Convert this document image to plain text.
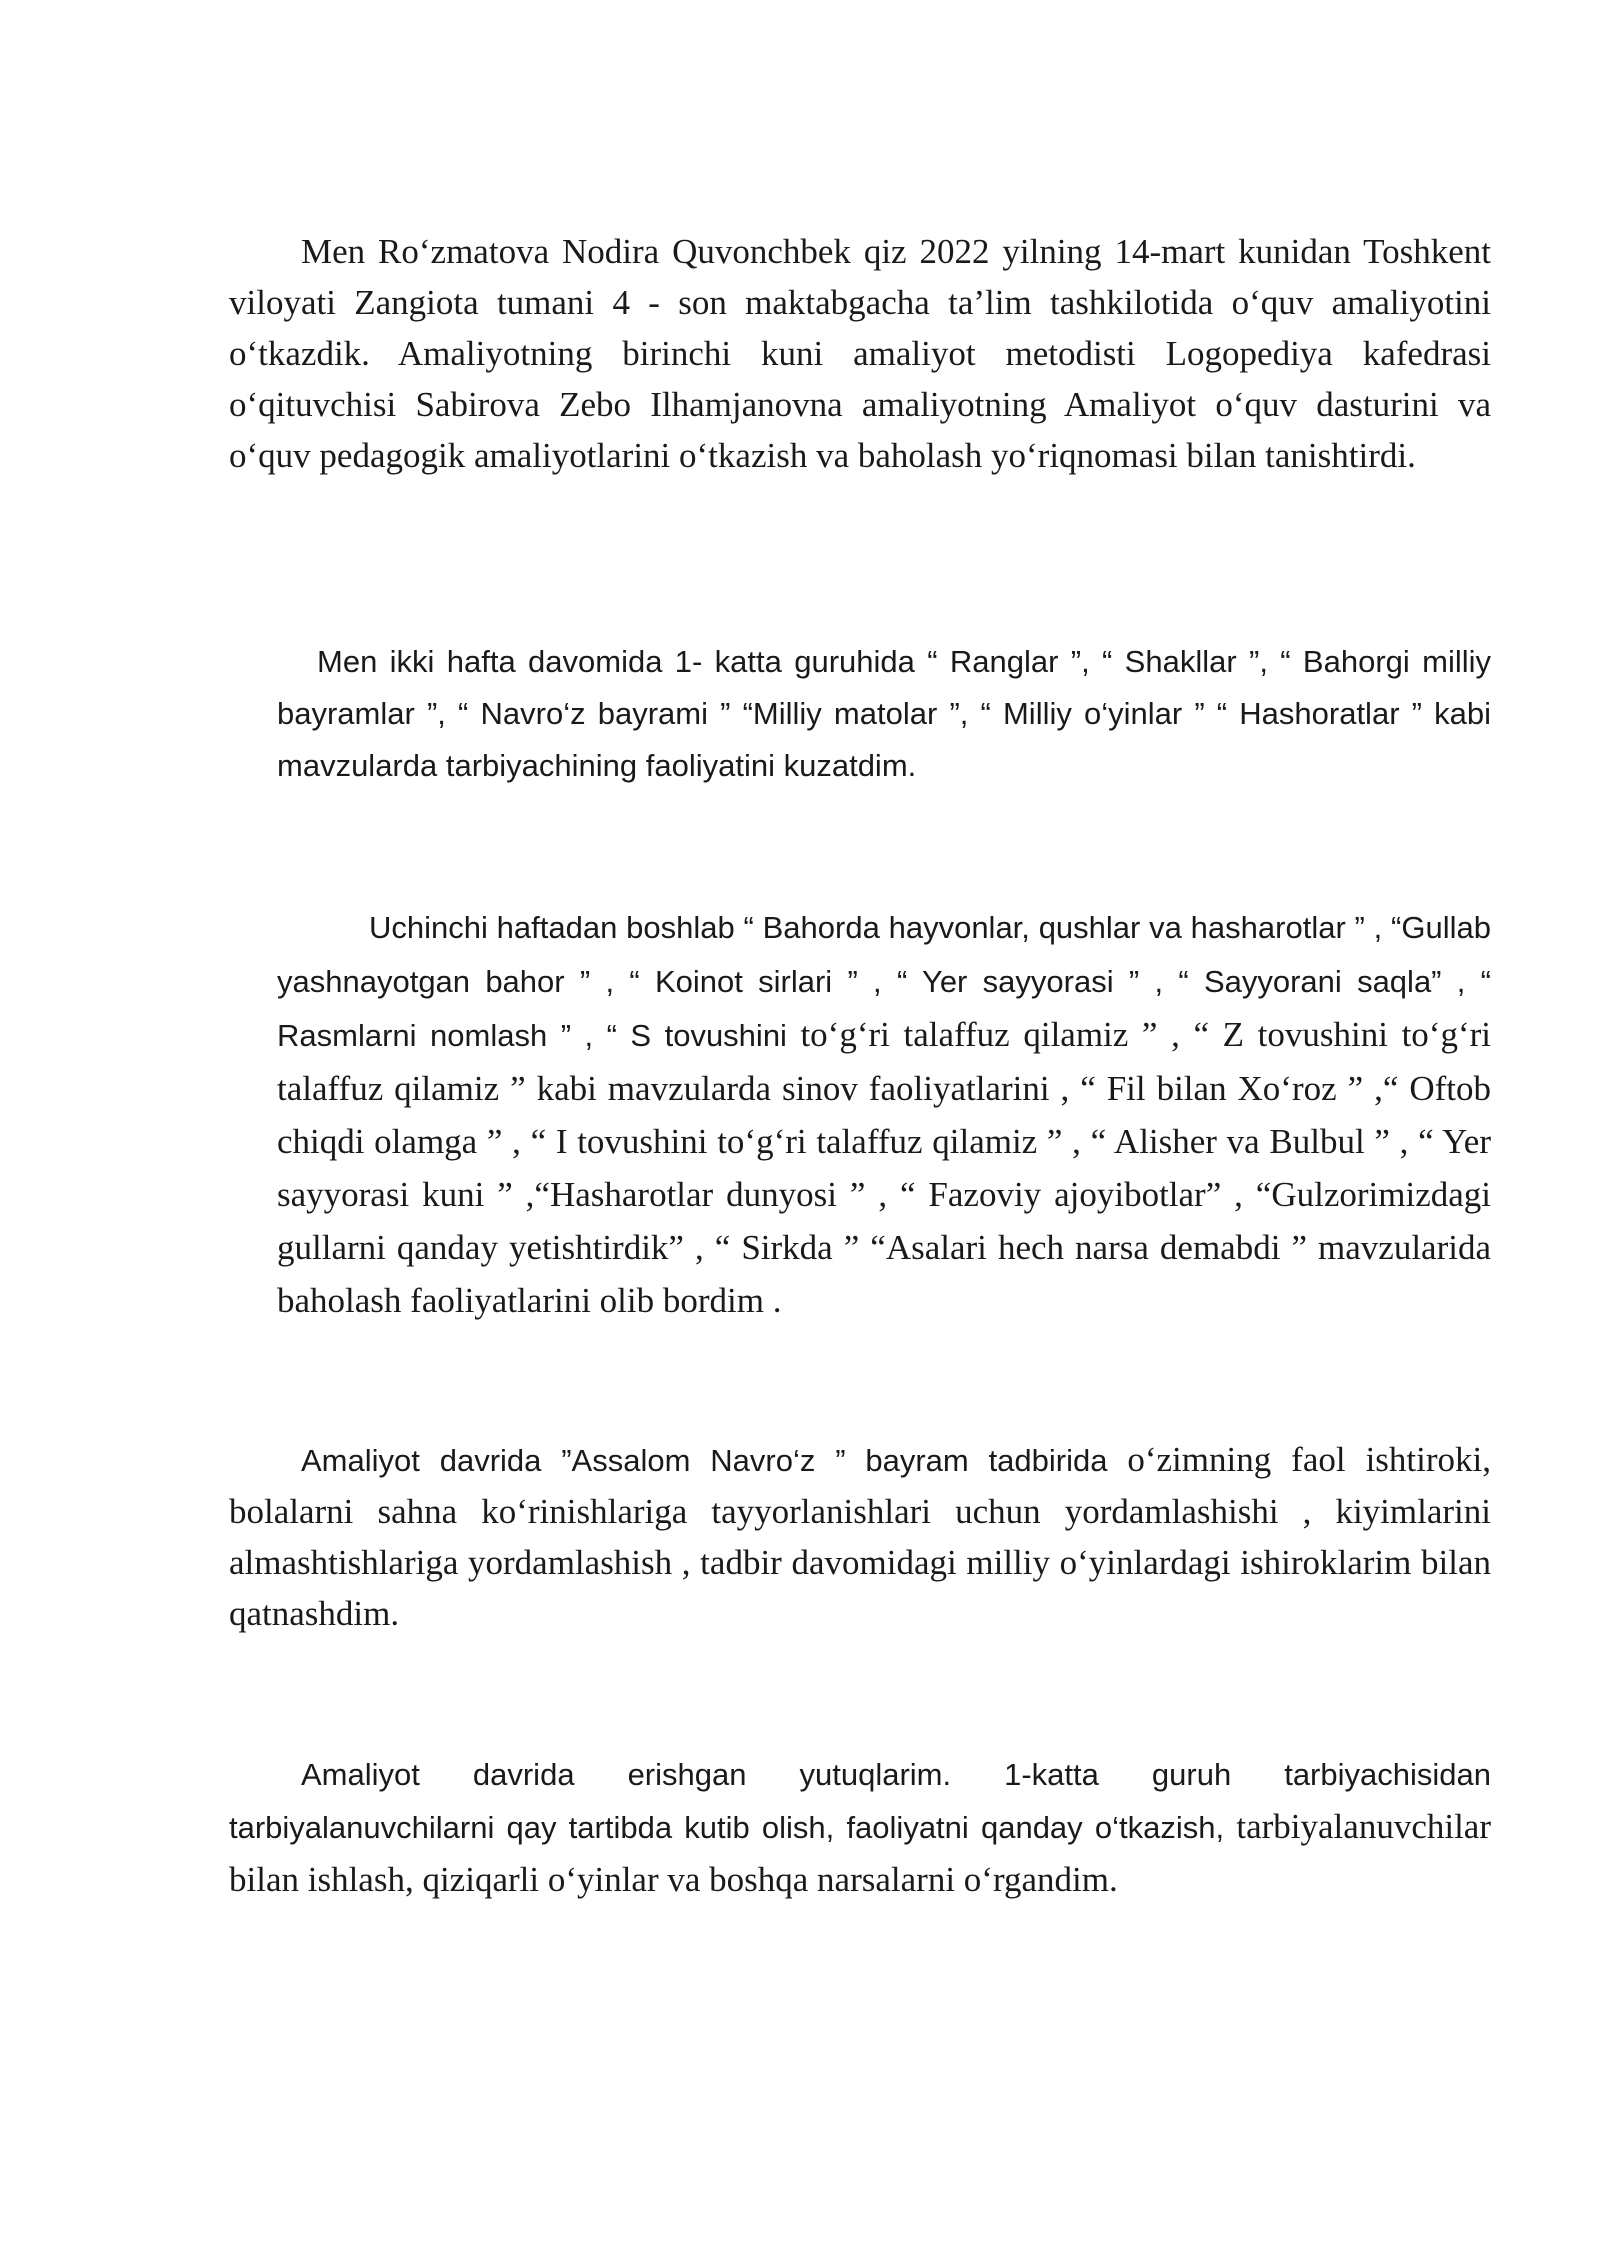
Men Ro‘zmatova Nodira Quvonchbek qiz 2022 yilning 14-mart kunidan Toshkent viloyati Zangiota tumani 4 - son maktabgacha ta’lim tashkilotida o‘quv amaliyotini o‘tkazdik. Amaliyotning birinchi kuni amaliyot metodisti Logopediya kafedrasi o‘qituvchisi Sabirova Zebo Ilhamjanovna amaliyotning Amaliyot o‘quv dasturini va o‘quv pedagogik amaliyotlarini o‘tkazish va baholash yo‘riqnomasi bilan tanishtirdi.

Men ikki hafta davomida 1- katta guruhida “ Ranglar ”, “ Shakllar ”, “ Bahorgi milliy bayramlar ”, “ Navro‘z bayrami ” “Milliy matolar ”, “ Milliy o‘yinlar ” “ Hashoratlar ” kabi mavzularda tarbiyachining faoliyatini kuzatdim.

Uchinchi haftadan boshlab “ Bahorda hayvonlar, qushlar va hasharotlar ” , “Gullab yashnayotgan bahor ” , “ Koinot sirlari ” , “ Yer sayyorasi ” , “ Sayyorani saqla” , “ Rasmlarni nomlash ” , “ S tovushini to‘g‘ri talaffuz qilamiz ” , “ Z tovushini to‘g‘ri talaffuz qilamiz ” kabi mavzularda sinov faoliyatlarini , “ Fil bilan Xo‘roz ” ,“ Oftob chiqdi olamga ” , “ I tovushini to‘g‘ri talaffuz qilamiz ” , “ Alisher va Bulbul ” , “ Yer sayyorasi kuni ” ,“Hasharotlar dunyosi ” , “ Fazoviy ajoyibotlar” , “Gulzorimizdagi gullarni qanday yetishtirdik” , “ Sirkda ” “Asalari hech narsa demabdi ” mavzularida baholash faoliyatlarini olib bordim .

Amaliyot davrida ”Assalom Navro‘z ” bayram tadbirida o‘zimning faol ishtiroki, bolalarni sahna ko‘rinishlariga tayyorlanishlari uchun yordamlashishi , kiyimlarini almashtishlariga yordamlashish , tadbir davomidagi milliy o‘yinlardagi ishiroklarim bilan qatnashdim.

Amaliyot davrida erishgan yutuqlarim. 1-katta guruh tarbiyachisidan tarbiyalanuvchilarni qay tartibda kutib olish, faoliyatni qanday o‘tkazish, tarbiyalanuvchilar bilan ishlash, qiziqarli o‘yinlar va boshqa narsalarni o‘rgandim.
